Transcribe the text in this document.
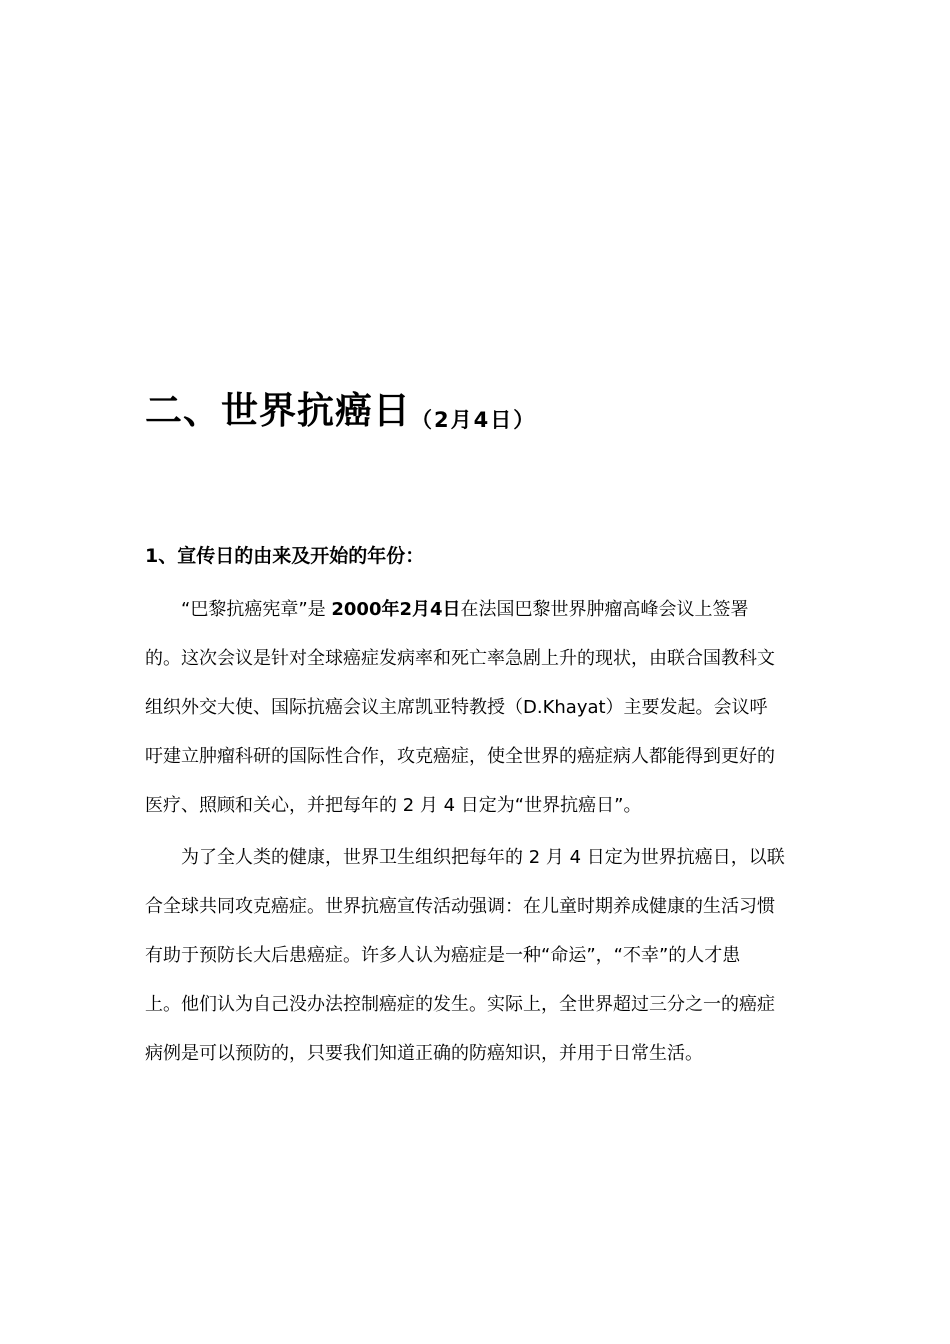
二、世界抗癌日（2月4日）
1、宣传日的由来及开始的年份：
“巴黎抗癌宪章”是 2000年2月4日在法国巴黎世界肿瘤高峰会议上签署
的。这次会议是针对全球癌症发病率和死亡率急剧上升的现状，由联合国教科文
组织外交大使、国际抗癌会议主席凯亚特教授（D.Khayat）主要发起。会议呼
吁建立肿瘤科研的国际性合作，攻克癌症，使全世界的癌症病人都能得到更好的
医疗、照顾和关心，并把每年的 2 月 4 日定为“世界抗癌日”。
为了全人类的健康，世界卫生组织把每年的 2 月 4 日定为世界抗癌日，以联
合全球共同攻克癌症。世界抗癌宣传活动强调：在儿童时期养成健康的生活习惯
有助于预防长大后患癌症。许多人认为癌症是一种“命运”，“不幸”的人才患
上。他们认为自己没办法控制癌症的发生。实际上，全世界超过三分之一的癌症
病例是可以预防的，只要我们知道正确的防癌知识，并用于日常生活。
